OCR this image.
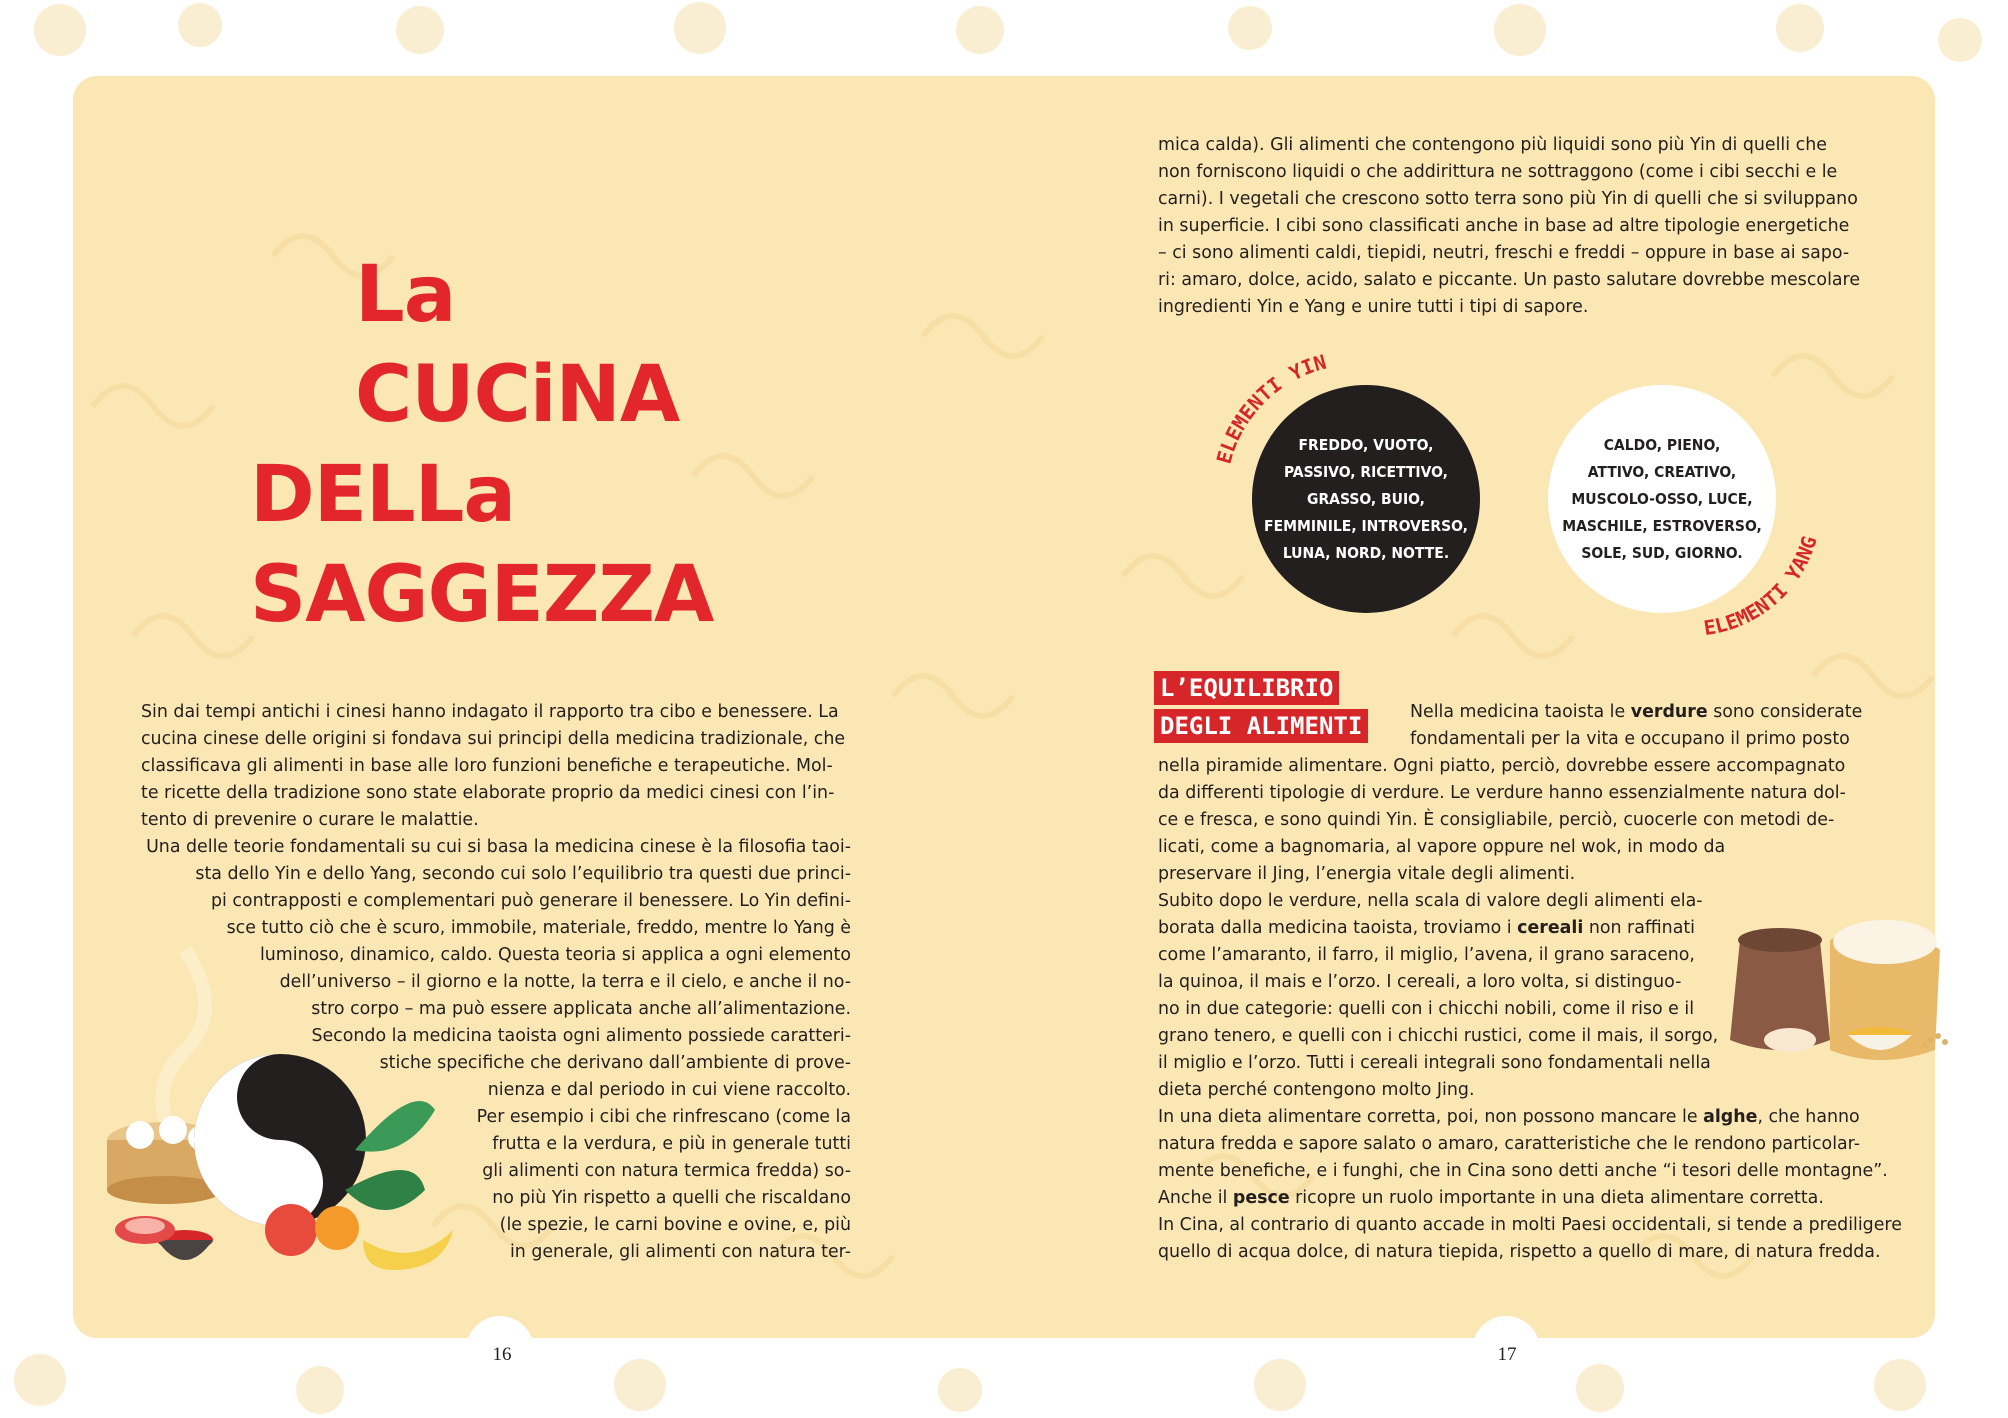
16	17
La CUCiNA
DELLa SAGGEZZA
Sin dai tempi antichi i cinesi hanno indagato il rapporto tra cibo e benessere. La
cucina cinese delle origini si fondava sui principi della medicina tradizionale, che
classificava gli alimenti in base alle loro funzioni benefiche e terapeutiche. Mol-
te ricette della tradizione sono state elaborate proprio da medici cinesi con l’in-
tento di prevenire o curare le malattie.
Una delle teorie fondamentali su cui si basa la medicina cinese è la filosofia taoi-
sta dello Yin e dello Yang, secondo cui solo l’equilibrio tra questi due princi-
pi contrapposti e complementari può generare il benessere. Lo Yin defini-
sce tutto ciò che è scuro, immobile, materiale, freddo, mentre lo Yang è
luminoso, dinamico, caldo. Questa teoria si applica a ogni elemento
dell’universo – il giorno e la notte, la terra e il cielo, e anche il no-
stro corpo – ma può essere applicata anche all’alimentazione.
Secondo la medicina taoista ogni alimento possiede caratteri-
stiche specifiche che derivano dall’ambiente di prove-
nienza e dal periodo in cui viene raccolto.
Per esempio i cibi che rinfrescano (come la
frutta e la verdura, e più in generale tutti
gli alimenti con natura termica fredda) so-
no più Yin rispetto a quelli che riscaldano
(le spezie, le carni bovine e ovine, e, più
in generale, gli alimenti con natura ter-
mica calda). Gli alimenti che contengono più liquidi sono più Yin di quelli che
non forniscono liquidi o che addirittura ne sottraggono (come i cibi secchi e le
carni). I vegetali che crescono sotto terra sono più Yin di quelli che si sviluppano
in superficie. I cibi sono classificati anche in base ad altre tipologie energetiche
– ci sono alimenti caldi, tiepidi, neutri, freschi e freddi – oppure in base ai sapo-
ri: amaro, dolce, acido, salato e piccante. Un pasto salutare dovrebbe mescolare
ingredienti Yin e Yang e unire tutti i tipi di sapore.
FREDDO, VUOTO,
PASSIVO, RICETTIVO,
GRASSO, BUIO,
FEMMINILE, INTROVERSO,
LUNA, NORD, NOTTE.
ELEMENTI YIN
CALDO, PIENO,
ATTIVO, CREATIVO,
MUSCOLO-OSSO, LUCE,
MASCHILE, ESTROVERSO,
SOLE, SUD, GIORNO.
ELEMENTI YANG
L’EQUILIBRIO
DEGLI ALIMENTI	Nella medicina taoista le verdure sono considerate
fondamentali per la vita e occupano il primo posto
nella piramide alimentare. Ogni piatto, perciò, dovrebbe essere accompagnato
da differenti tipologie di verdure. Le verdure hanno essenzialmente natura dol-
ce e fresca, e sono quindi Yin. È consigliabile, perciò, cuocerle con metodi de-
licati, come a bagnomaria, al vapore oppure nel wok, in modo da
preservare il Jing, l’energia vitale degli alimenti.
Subito dopo le verdure, nella scala di valore degli alimenti ela-
borata dalla medicina taoista, troviamo i cereali non raffinati
come l’amaranto, il farro, il miglio, l’avena, il grano saraceno,
la quinoa, il mais e l’orzo. I cereali, a loro volta, si distinguo-
no in due categorie: quelli con i chicchi nobili, come il riso e il
grano tenero, e quelli con i chicchi rustici, come il mais, il sorgo,
il miglio e l’orzo. Tutti i cereali integrali sono fondamentali nella
dieta perché contengono molto Jing.
In una dieta alimentare corretta, poi, non possono mancare le alghe, che hanno
natura fredda e sapore salato o amaro, caratteristiche che le rendono particolar-
mente benefiche, e i funghi, che in Cina sono detti anche “i tesori delle montagne”.
Anche il pesce ricopre un ruolo importante in una dieta alimentare corretta.
In Cina, al contrario di quanto accade in molti Paesi occidentali, si tende a prediligere
quello di acqua dolce, di natura tiepida, rispetto a quello di mare, di natura fredda.
